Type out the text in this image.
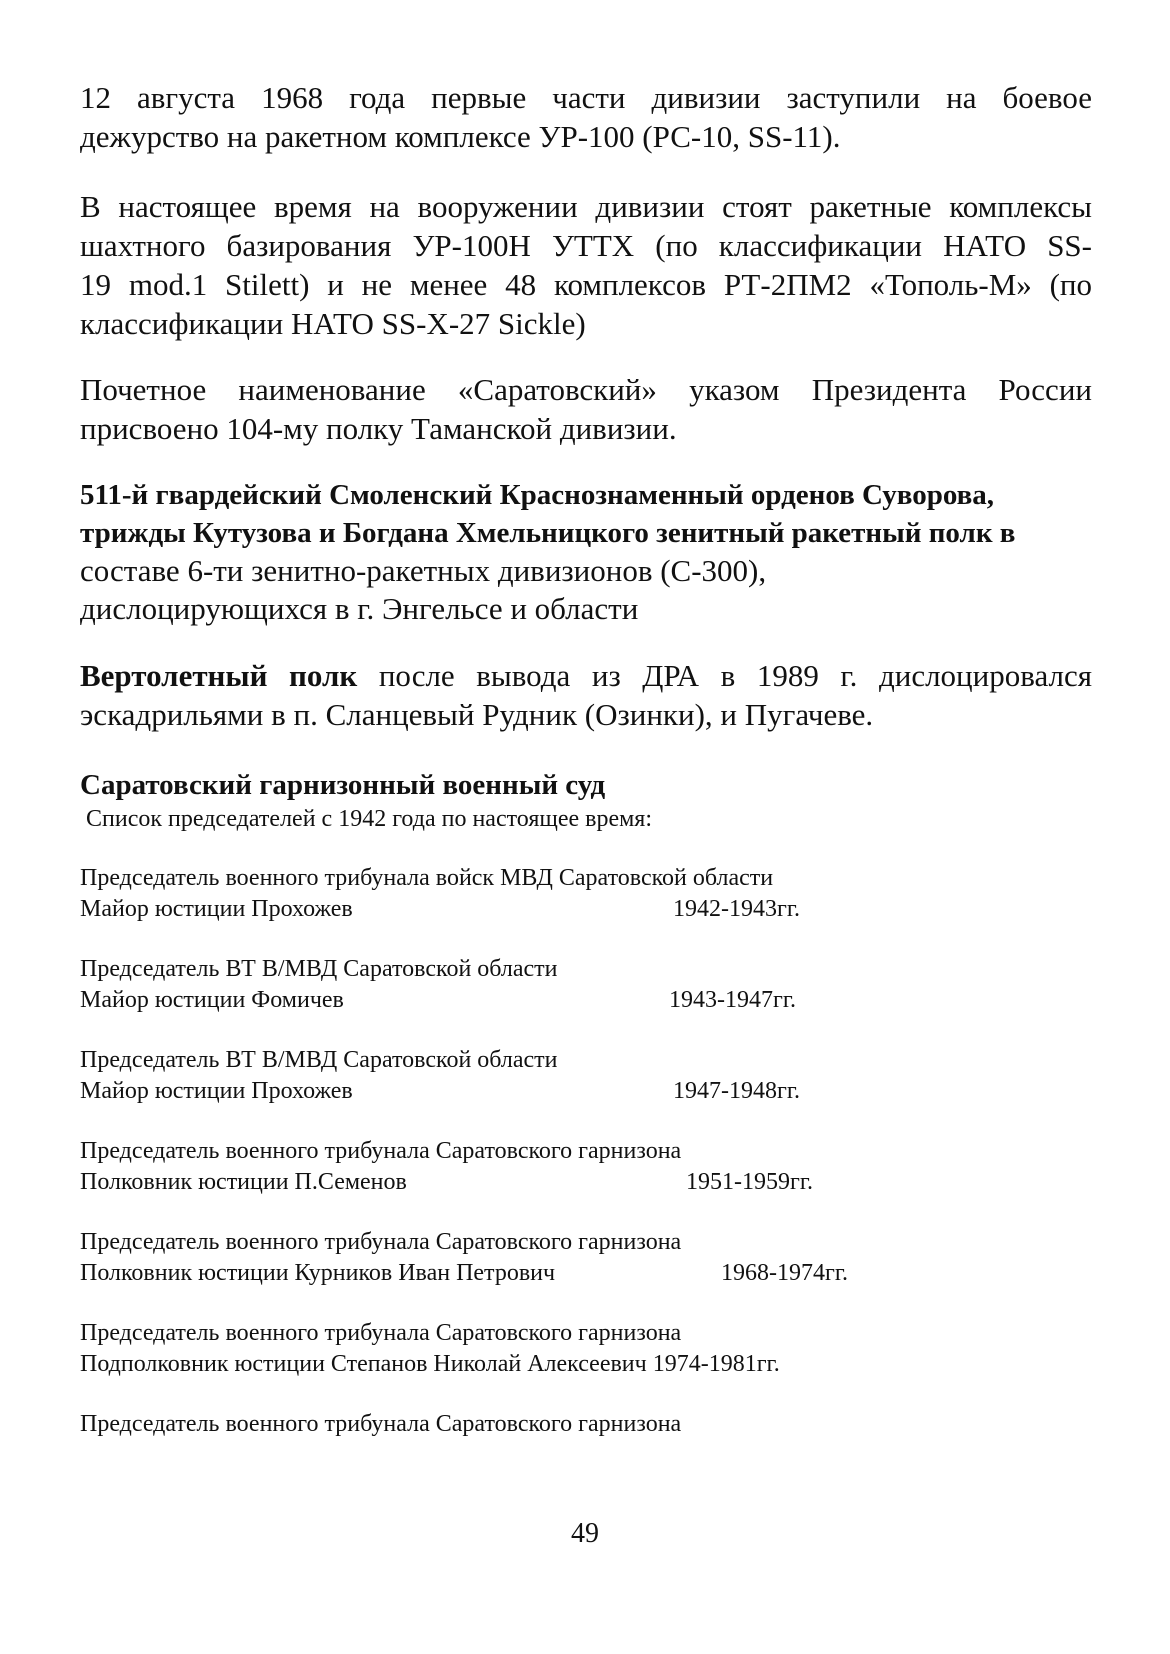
12 августа 1968 года первые части дивизии заступили на боевое
дежурство на ракетном комплексе УР-100 (РС-10, SS-11).
В настоящее время на вооружении дивизии стоят ракетные комплексы
шахтного базирования УР-100Н УТТХ (по классификации НАТО SS-
19 mod.1 Stilett) и не менее 48 комплексов РТ-2ПМ2 «Тополь-М» (по
классификации НАТО SS-X-27 Sickle)
Почетное наименование «Саратовский» указом Президента России
присвоено 104-му полку Таманской дивизии.
511-й гвардейский Смоленский Краснознаменный орденов Суворова,
трижды Кутузова и Богдана Хмельницкого зенитный ракетный полк в
составе 6-ти зенитно-ракетных дивизионов (С-300),
дислоцирующихся в г. Энгельсе и области
Вертолетный полк после вывода из ДРА в 1989 г. дислоцировался
эскадрильями в п. Сланцевый Рудник (Озинки), и Пугачеве.
Саратовский гарнизонный военный суд
Список председателей с 1942 года по настоящее время:
Председатель военного трибунала войск МВД Саратовской области
Майор юстиции Прохожев	1942-1943гг.
Председатель ВТ В/МВД Саратовской области
Майор юстиции Фомичев	1943-1947гг.
Председатель ВТ В/МВД Саратовской области
Майор юстиции Прохожев	1947-1948гг.
Председатель военного трибунала Саратовского гарнизона
Полковник юстиции П.Семенов	1951-1959гг.
Председатель военного трибунала Саратовского гарнизона
Полковник юстиции Курников Иван Петрович	1968-1974гг.
Председатель военного трибунала Саратовского гарнизона
Подполковник юстиции Степанов Николай Алексеевич 1974-1981гг.
Председатель военного трибунала Саратовского гарнизона
49
